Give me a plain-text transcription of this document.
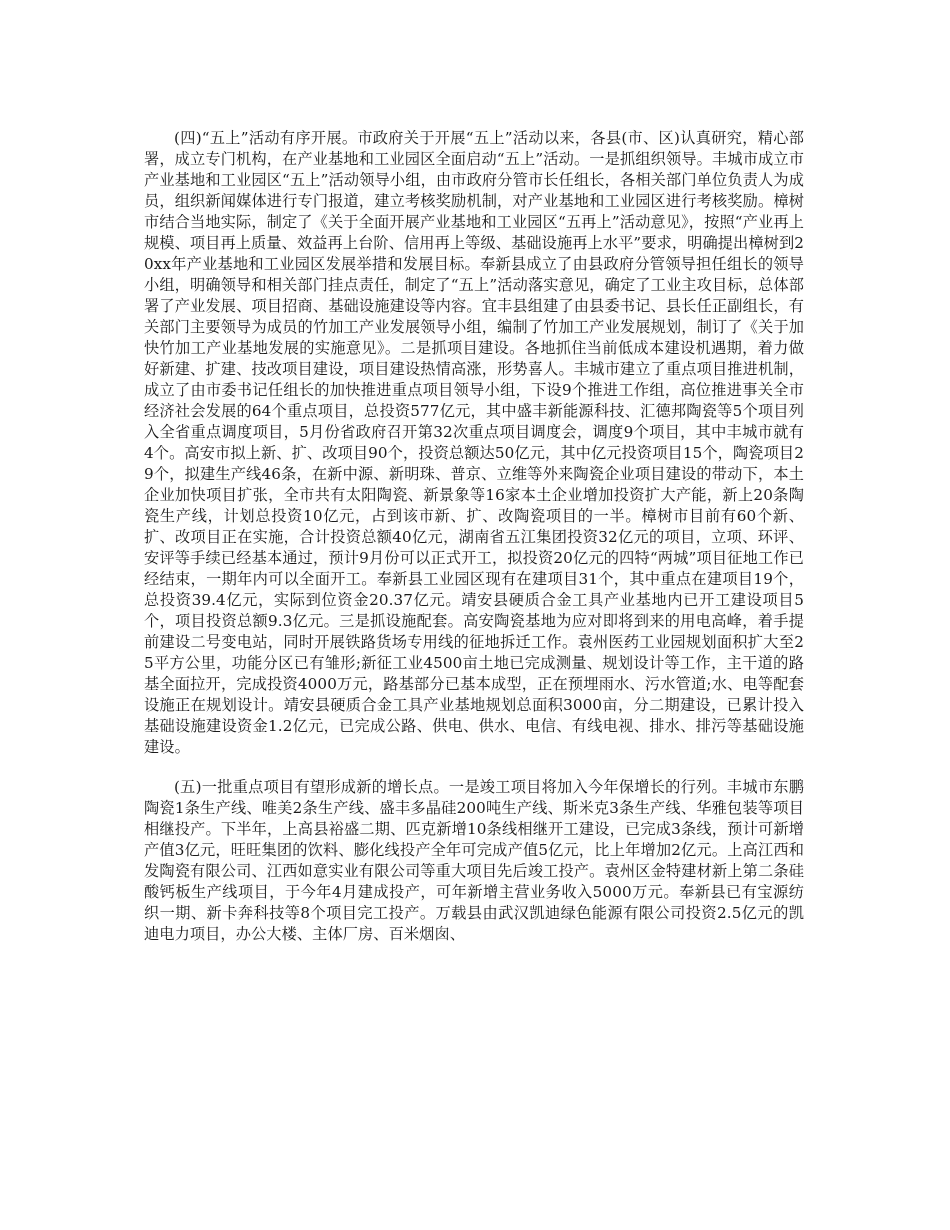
(四)“五上”活动有序开展。市政府关于开展“五上”活动以来，各县(市、区)认真研究，精心部署，成立专门机构，在产业基地和工业园区全面启动“五上”活动。一是抓组织领导。丰城市成立市产业基地和工业园区“五上”活动领导小组，由市政府分管市长任组长，各相关部门单位负责人为成员，组织新闻媒体进行专门报道，建立考核奖励机制，对产业基地和工业园区进行考核奖励。樟树市结合当地实际，制定了《关于全面开展产业基地和工业园区“五再上”活动意见》，按照“产业再上规模、项目再上质量、效益再上台阶、信用再上等级、基础设施再上水平”要求，明确提出樟树到20xx年产业基地和工业园区发展举措和发展目标。奉新县成立了由县政府分管领导担任组长的领导小组，明确领导和相关部门挂点责任，制定了“五上”活动落实意见，确定了工业主攻目标，总体部署了产业发展、项目招商、基础设施建设等内容。宜丰县组建了由县委书记、县长任正副组长，有关部门主要领导为成员的竹加工产业发展领导小组，编制了竹加工产业发展规划，制订了《关于加快竹加工产业基地发展的实施意见》。二是抓项目建设。各地抓住当前低成本建设机遇期，着力做好新建、扩建、技改项目建设，项目建设热情高涨，形势喜人。丰城市建立了重点项目推进机制，成立了由市委书记任组长的加快推进重点项目领导小组，下设9个推进工作组，高位推进事关全市经济社会发展的64个重点项目，总投资577亿元，其中盛丰新能源科技、汇德邦陶瓷等5个项目列入全省重点调度项目，5月份省政府召开第32次重点项目调度会，调度9个项目，其中丰城市就有4个。高安市拟上新、扩、改项目90个，投资总额达50亿元，其中亿元投资项目15个，陶瓷项目29个，拟建生产线46条，在新中源、新明珠、普京、立维等外来陶瓷企业项目建设的带动下，本土企业加快项目扩张，全市共有太阳陶瓷、新景象等16家本土企业增加投资扩大产能，新上20条陶瓷生产线，计划总投资10亿元，占到该市新、扩、改陶瓷项目的一半。樟树市目前有60个新、扩、改项目正在实施，合计投资总额40亿元，湖南省五江集团投资32亿元的项目，立项、环评、安评等手续已经基本通过，预计9月份可以正式开工，拟投资20亿元的四特“两城”项目征地工作已经结束，一期年内可以全面开工。奉新县工业园区现有在建项目31个，其中重点在建项目19个，总投资39.4亿元，实际到位资金20.37亿元。靖安县硬质合金工具产业基地内已开工建设项目5个，项目投资总额9.3亿元。三是抓设施配套。高安陶瓷基地为应对即将到来的用电高峰，着手提前建设二号变电站，同时开展铁路货场专用线的征地拆迁工作。袁州医药工业园规划面积扩大至25平方公里，功能分区已有雏形;新征工业4500亩土地已完成测量、规划设计等工作，主干道的路基全面拉开，完成投资4000万元，路基部分已基本成型，正在预埋雨水、污水管道;水、电等配套设施正在规划设计。靖安县硬质合金工具产业基地规划总面积3000亩，分二期建设，已累计投入基础设施建设资金1.2亿元，已完成公路、供电、供水、电信、有线电视、排水、排污等基础设施建设。

(五)一批重点项目有望形成新的增长点。一是竣工项目将加入今年保增长的行列。丰城市东鹏陶瓷1条生产线、唯美2条生产线、盛丰多晶硅200吨生产线、斯米克3条生产线、华雅包装等项目相继投产。下半年，上高县裕盛二期、匹克新增10条线相继开工建设，已完成3条线，预计可新增产值3亿元，旺旺集团的饮料、膨化线投产全年可完成产值5亿元，比上年增加2亿元。上高江西和发陶瓷有限公司、江西如意实业有限公司等重大项目先后竣工投产。袁州区金特建材新上第二条硅酸钙板生产线项目，于今年4月建成投产，可年新增主营业务收入5000万元。奉新县已有宝源纺织一期、新卡奔科技等8个项目完工投产。万载县由武汉凯迪绿色能源有限公司投资2.5亿元的凯迪电力项目，办公大楼、主体厂房、百米烟囱、
